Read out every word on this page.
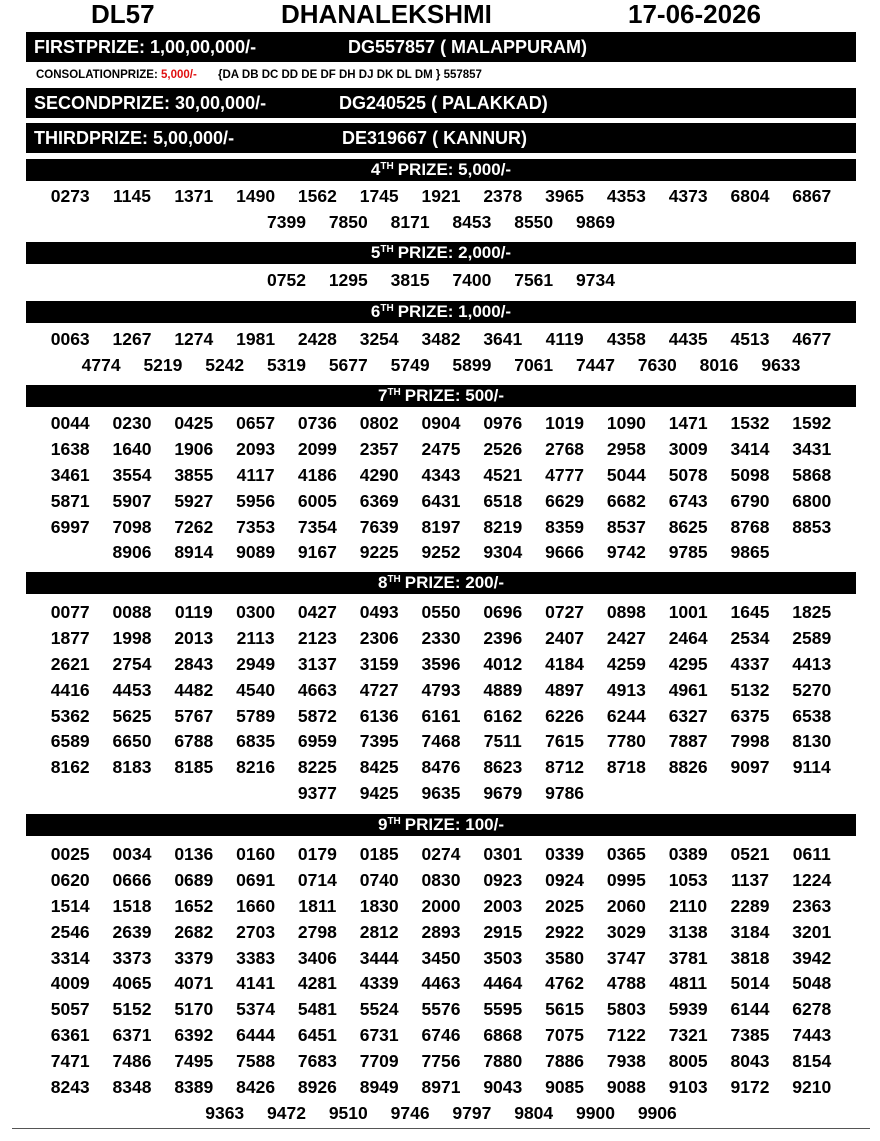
DL57	DHANALEKSHMI	17-06-2026
FIRSTPRIZE: 1,00,00,000/-	DG557857 ( MALAPPURAM)
CONSOLATIONPRIZE: 5,000/- {DA DB DC DD DE DF DH DJ DK DL DM } 557857
SECONDPRIZE: 30,00,000/-	DG240525 ( PALAKKAD)
THIRDPRIZE: 5,00,000/-	DE319667 ( KANNUR)
4TH PRIZE: 5,000/-
0273	1145	1371	1490	1562	1745	1921	2378	3965	4353	4373	6804	6867
7399	7850	8171	8453	8550	9869
5TH PRIZE: 2,000/-
0752	1295	3815	7400	7561	9734
6TH PRIZE: 1,000/-
0063	1267	1274	1981	2428	3254	3482	3641	4119	4358	4435	4513	4677
4774	5219	5242	5319	5677	5749	5899	7061	7447	7630	8016	9633
7TH PRIZE: 500/-
0044	0230	0425	0657	0736	0802	0904	0976	1019	1090	1471	1532	1592
1638	1640	1906	2093	2099	2357	2475	2526	2768	2958	3009	3414	3431
3461	3554	3855	4117	4186	4290	4343	4521	4777	5044	5078	5098	5868
5871	5907	5927	5956	6005	6369	6431	6518	6629	6682	6743	6790	6800
6997	7098	7262	7353	7354	7639	8197	8219	8359	8537	8625	8768	8853
8906	8914	9089	9167	9225	9252	9304	9666	9742	9785	9865
8TH PRIZE: 200/-
0077	0088	0119	0300	0427	0493	0550	0696	0727	0898	1001	1645	1825
1877	1998	2013	2113	2123	2306	2330	2396	2407	2427	2464	2534	2589
2621	2754	2843	2949	3137	3159	3596	4012	4184	4259	4295	4337	4413
4416	4453	4482	4540	4663	4727	4793	4889	4897	4913	4961	5132	5270
5362	5625	5767	5789	5872	6136	6161	6162	6226	6244	6327	6375	6538
6589	6650	6788	6835	6959	7395	7468	7511	7615	7780	7887	7998	8130
8162	8183	8185	8216	8225	8425	8476	8623	8712	8718	8826	9097	9114
9377	9425	9635	9679	9786
9TH PRIZE: 100/-
0025	0034	0136	0160	0179	0185	0274	0301	0339	0365	0389	0521	0611
0620	0666	0689	0691	0714	0740	0830	0923	0924	0995	1053	1137	1224
1514	1518	1652	1660	1811	1830	2000	2003	2025	2060	2110	2289	2363
2546	2639	2682	2703	2798	2812	2893	2915	2922	3029	3138	3184	3201
3314	3373	3379	3383	3406	3444	3450	3503	3580	3747	3781	3818	3942
4009	4065	4071	4141	4281	4339	4463	4464	4762	4788	4811	5014	5048
5057	5152	5170	5374	5481	5524	5576	5595	5615	5803	5939	6144	6278
6361	6371	6392	6444	6451	6731	6746	6868	7075	7122	7321	7385	7443
7471	7486	7495	7588	7683	7709	7756	7880	7886	7938	8005	8043	8154
8243	8348	8389	8426	8926	8949	8971	9043	9085	9088	9103	9172	9210
9363	9472	9510	9746	9797	9804	9900	9906
